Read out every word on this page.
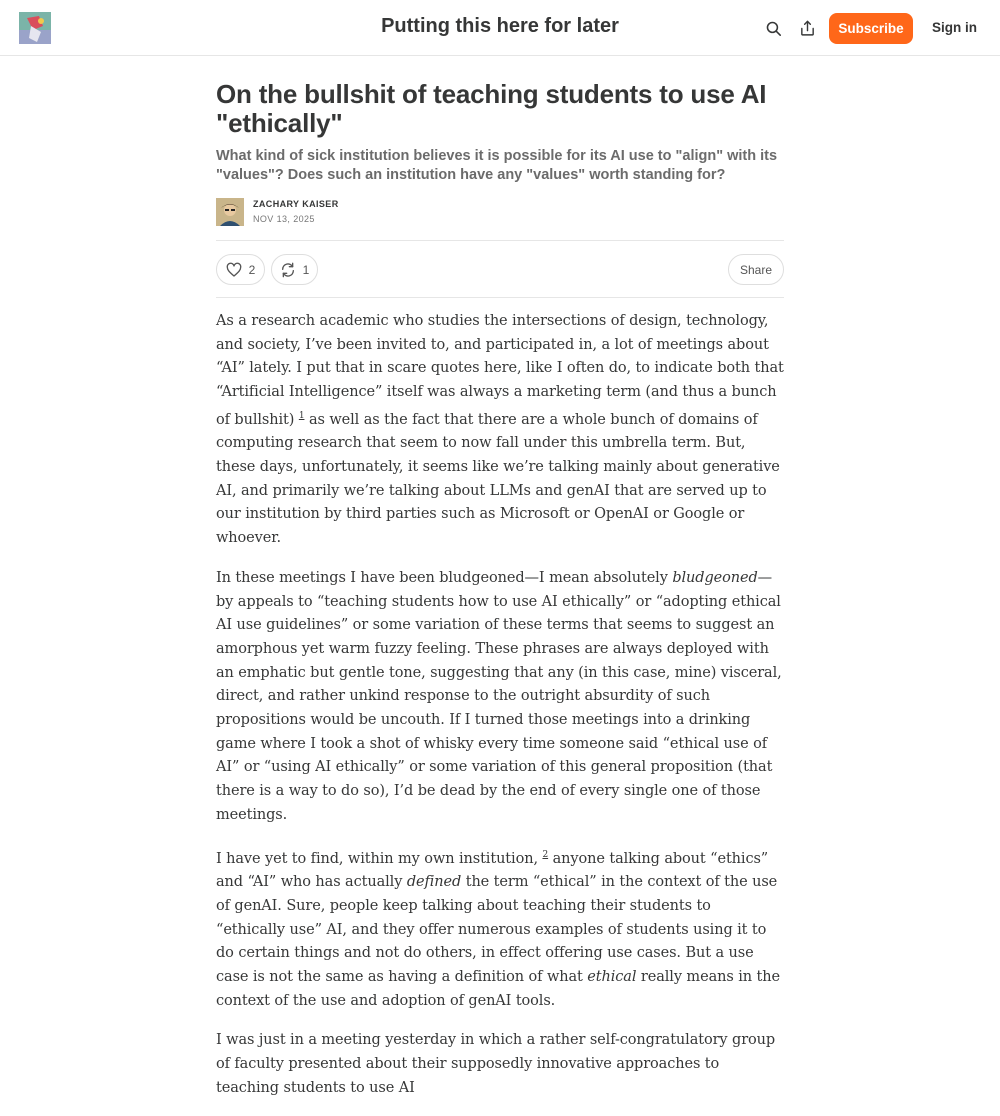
Putting this here for later	Subscribe	Sign in
On the bullshit of teaching students to use AI "ethically"
What kind of sick institution believes it is possible for its AI use to "align" with its "values"? Does such an institution have any "values" worth standing for?
ZACHARY KAISER
NOV 13, 2025
2	1	Share

As a research academic who studies the intersections of design, technology, and society, I’ve been invited to, and participated in, a lot of meetings about “AI” lately. I put that in scare quotes here, like I often do, to indicate both that “Artificial Intelligence” itself was always a marketing term (and thus a bunch of bullshit) $^1$ as well as the fact that there are a whole bunch of domains of computing research that seem to now fall under this umbrella term. But, these days, unfortunately, it seems like we’re talking mainly about generative AI, and primarily we’re talking about LLMs and genAI that are served up to our institution by third parties such as Microsoft or OpenAI or Google or whoever.

In these meetings I have been bludgeoned—I mean absolutely bludgeoned—by appeals to “teaching students how to use AI ethically” or “adopting ethical AI use guidelines” or some variation of these terms that seems to suggest an amorphous yet warm fuzzy feeling. These phrases are always deployed with an emphatic but gentle tone, suggesting that any (in this case, mine) visceral, direct, and rather unkind response to the outright absurdity of such propositions would be uncouth. If I turned those meetings into a drinking game where I took a shot of whisky every time someone said “ethical use of AI” or “using AI ethically” or some variation of this general proposition (that there is a way to do so), I’d be dead by the end of every single one of those meetings.

I have yet to find, within my own institution, $^2$ anyone talking about “ethics” and “AI” who has actually defined the term “ethical” in the context of the use of genAI. Sure, people keep talking about teaching their students to “ethically use” AI, and they offer numerous examples of students using it to do certain things and not do others, in effect offering use cases. But a use case is not the same as having a definition of what ethical really means in the context of the use and adoption of genAI tools.

I was just in a meeting yesterday in which a rather self-congratulatory group of faculty presented about their supposedly innovative approaches to teaching students to use AI
